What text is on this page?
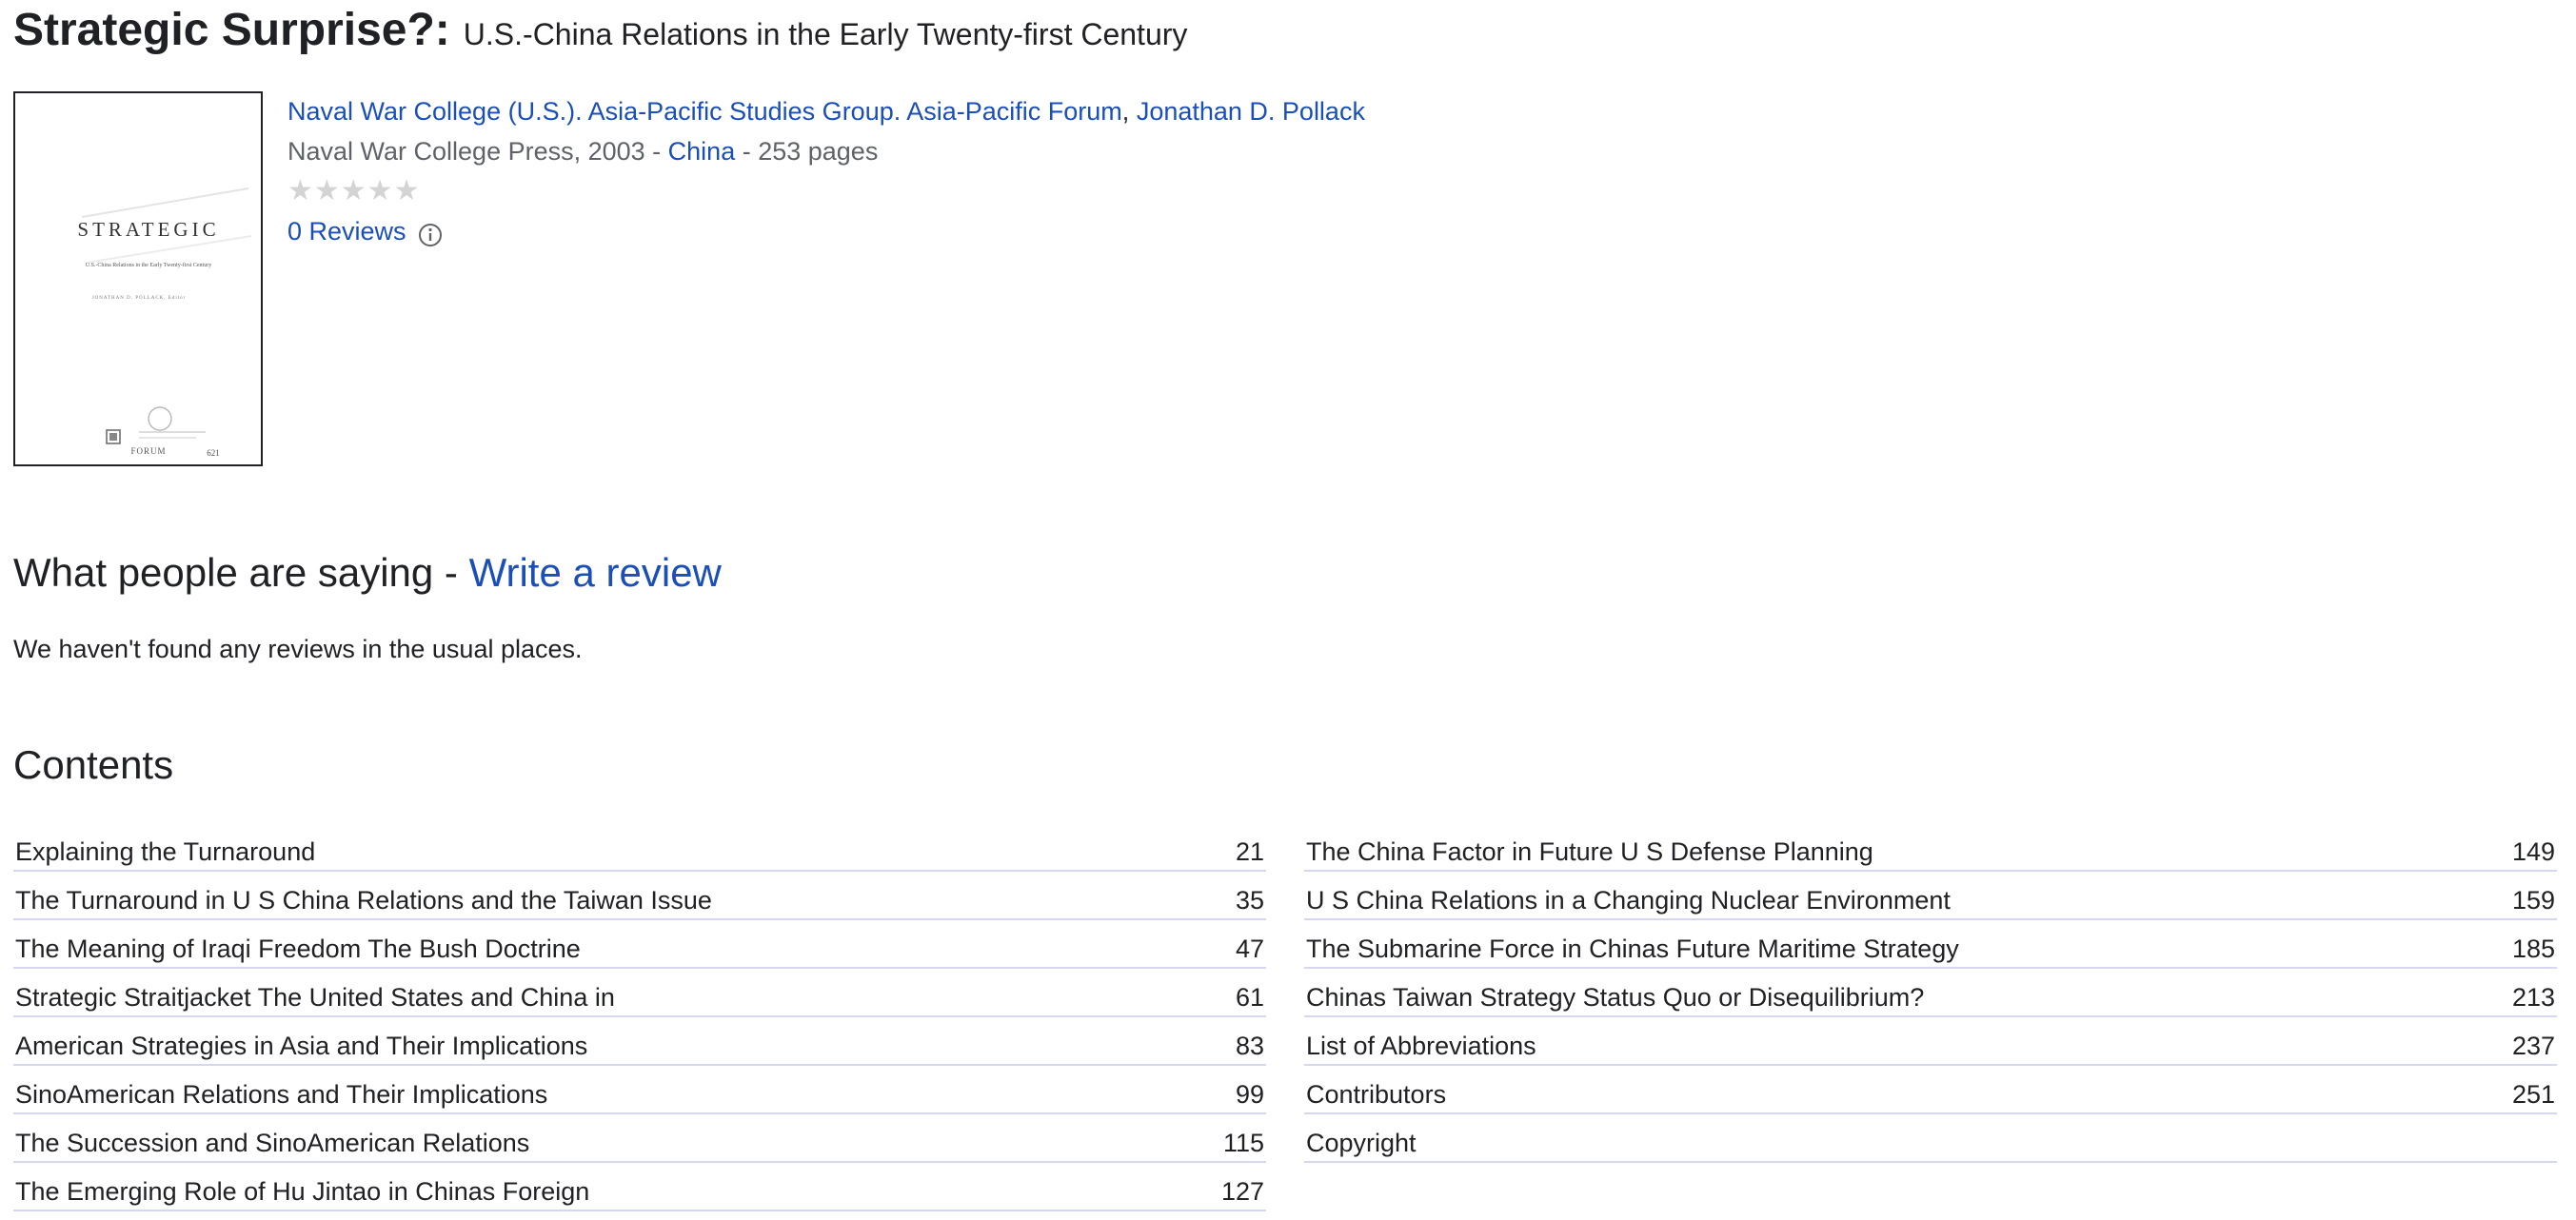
Strategic Surprise?: U.S.-China Relations in the Early Twenty-first Century
STRATEGIC
U.S.-China Relations in the Early Twenty-first Century
JONATHAN D. POLLACK, Editor
FORUM	621
Naval War College (U.S.). Asia-Pacific Studies Group. Asia-Pacific Forum, Jonathan D. Pollack
Naval War College Press, 2003 - China - 253 pages
★★★★★
0 Reviews
What people are saying - Write a review
We haven't found any reviews in the usual places.
Contents
Explaining the Turnaround	21
The Turnaround in U S China Relations and the Taiwan Issue	35
The Meaning of Iraqi Freedom The Bush Doctrine	47
Strategic Straitjacket The United States and China in	61
American Strategies in Asia and Their Implications	83
SinoAmerican Relations and Their Implications	99
The Succession and SinoAmerican Relations	115
The Emerging Role of Hu Jintao in Chinas Foreign	127
The China Factor in Future U S Defense Planning	149
U S China Relations in a Changing Nuclear Environment	159
The Submarine Force in Chinas Future Maritime Strategy	185
Chinas Taiwan Strategy Status Quo or Disequilibrium?	213
List of Abbreviations	237
Contributors	251
Copyright
